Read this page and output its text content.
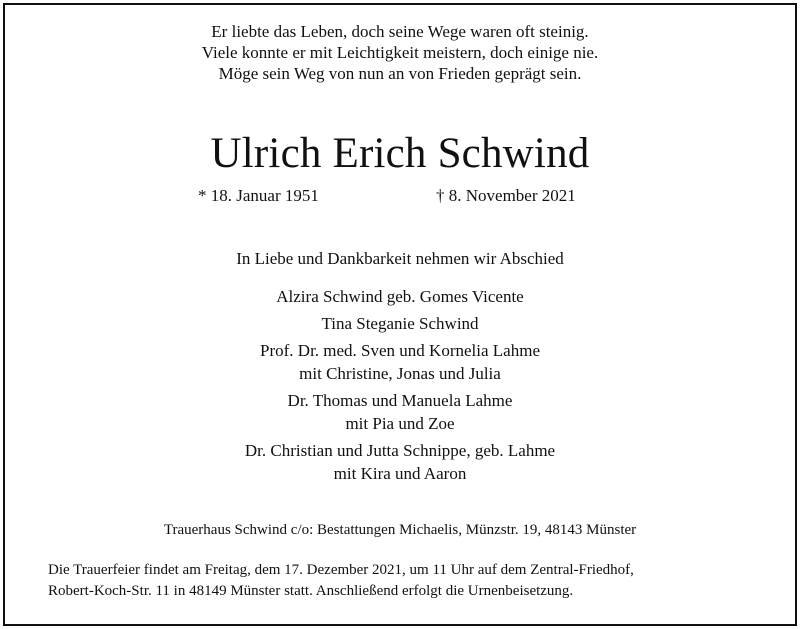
Er liebte das Leben, doch seine Wege waren oft steinig.
Viele konnte er mit Leichtigkeit meistern, doch einige nie.
Möge sein Weg von nun an von Frieden geprägt sein.
Ulrich Erich Schwind
* 18. Januar 1951	† 8. November 2021
In Liebe und Dankbarkeit nehmen wir Abschied
Alzira Schwind geb. Gomes Vicente
Tina Steganie Schwind
Prof. Dr. med. Sven und Kornelia Lahme
mit Christine, Jonas und Julia
Dr. Thomas und Manuela Lahme
mit Pia und Zoe
Dr. Christian und Jutta Schnippe, geb. Lahme
mit Kira und Aaron
Trauerhaus Schwind c/o: Bestattungen Michaelis, Münzstr. 19, 48143 Münster
Die Trauerfeier findet am Freitag, dem 17. Dezember 2021, um 11 Uhr auf dem Zentral-Friedhof,
Robert-Koch-Str. 11 in 48149 Münster statt. Anschließend erfolgt die Urnenbeisetzung.
